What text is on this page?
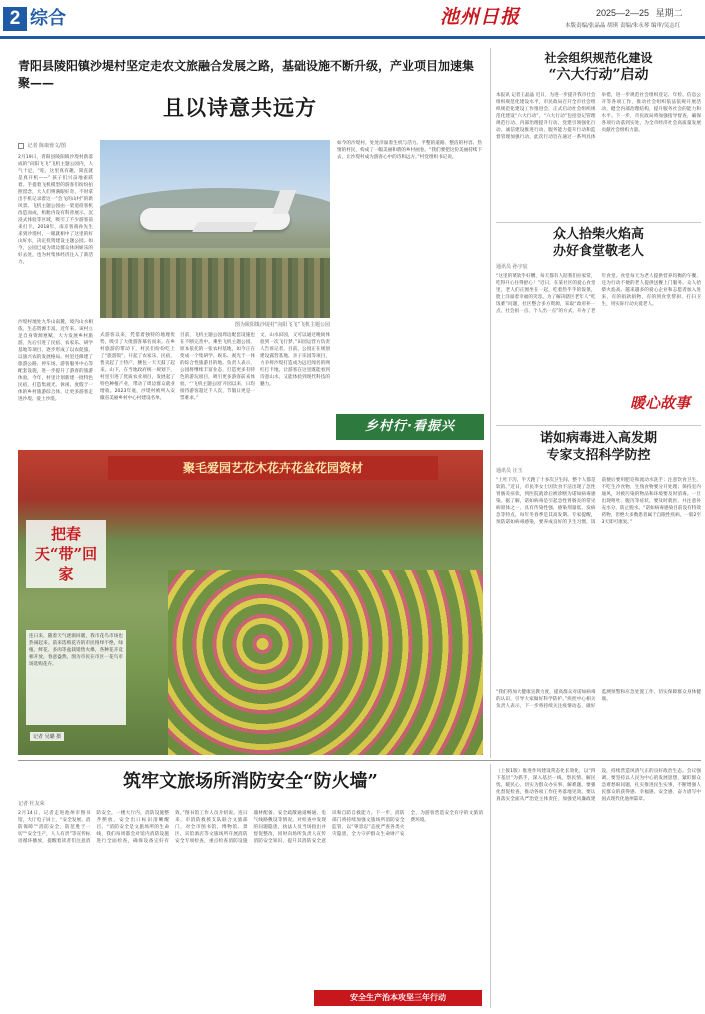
2 综合	池州日报	2025—2—25 星期二
本版责编/张晶晶 胡琪 责编/朱永琴 编审/吴志红
青阳县陵阳镇沙堤村坚定走农文旅融合发展之路，基础设施不断升级，产业项目加速集聚——
且以诗意共远方
记者 陈康蓉文/图
2月19日，青阳县陵阳镇沙堤村新落成的“向阳飞飞”飞机主题公园内，人气十足，“哇，这里真有趣，简直就是真开机——” 孩子们兴奋地雀跃着。手提着飞机模型的游客们纷纷拍照留念，大人们则满眼好奇，不时拿出手机记录着这一“会飞的山村”的新风景。飞机主题公园由一架退役客机改造而成，机舱内设有科普展示、沉浸式体验等区域，吸引了不少游客前来打卡。2018年，南京客商孙先生来到沙堤村，一眼就相中了这里的好山好水，决定投资建设主题公园。如今，公园已成为周边群众休闲娱乐的好去处，也为村集体经济注入了新活力。
沙堤村地处九华山南麓，境内山水相依，生态资源丰富。近年来，该村立足自身资源禀赋，大力发展乡村旅游，先后引进了民宿、农家乐、研学基地等项目，逐步形成了以农促旅、以旅兴农的发展格局。村里还修建了旅游公路、停车场、游客服务中心等配套设施，进一步提升了游客的旅游体验。今年，村里计划新建一批特色民宿，打造集观光、休闲、度假于一体的乡村旅游综合体，让更多游客走进沙堤、爱上沙堤。
图为陵阳镇沙堤村“向阳飞飞”飞机主题公园
式游客以来，凭借着独特的地理优势，吸引了大批游客慕名而来。在乡村旅游的带动下，村民们纷纷吃上了“旅游饭”，开起了农家乐、民宿，售卖起了土特产，腰包一天天鼓了起来。山下，在当地政府统一规划下，村里引进了优质农业项目，发展起了特色种植产业，带动了周边群众就业增收。2023年底，沙堤村被列入安徽省美丽乡村中心村建设名单。
目前，飞机主题公园周边配套设施也在不断完善中。乘坐飞机主题公园，原本依托的一张农村基地，如今正在变成一个集研学、娱乐、观光于一体的综合性旅游目的地。负责人表示，公园将继续丰富业态，打造更多有特色的游玩项目，吸引更多游客前来体验。“‘飞机主题公园’开园以来，日均接待游客超过千人次，节假日更是一票难求。”
文，山水田园，又可以通过晚间体验到一次飞行梦。”田园运营方负责人告诉记者，目前，公园正在规划建设露营基地、亲子乐园等项目，力争将沙堤打造成为远近闻名的网红打卡地，让游客在这里既能看到诗意山水，又能体验到现代科技的魅力。
如今的沙堤村，处处洋溢着生机与活力。平整的道路、整洁的村容、热情的村民，构成了一幅美丽和谐的乡村画卷。“我们要把这份美丽持续下去，让沙堤村成为游客心中的诗和远方。”村党组织书记说。
乡村行·看振兴
聚毛爱园艺花木花卉花盆花园资材
把春天“带”回家
连日来，随着天气逐渐回暖，我市花鸟市场也热闹起来。前来选购花卉的市民络绎不绝，绿植、鲜花、多肉等盆栽销售火爆，各种花卉竞相开放，春意盎然。图为市民在市区一花鸟市场选购花卉。
记者 吴璐 摄
社会组织规范化建设
“六大行动”启动
本报讯 记者王晶晶 近日，为进一步提升我市社会组织规范化建设水平，市民政局召开全市社会组织规范化建设工作推进会，正式启动社会组织规范化建设“六大行动”。“六大行动”包括登记管理规范行动、内部治理提升行动、党建引领强化行动、诚信建设推进行动、服务能力提升行动和监督管理加强行动。此次行动旨在通过一系列具体举措，进一步规范社会组织登记、年检、信息公开等各项工作，推动社会组织依法依规开展活动，健全内部治理结构，提升服务社会的能力和水平。下一步，市民政局将加强指导督查，确保各项行动落到实处，为全市经济社会高质量发展贡献社会组织力量。
众人拾柴火焰高
办好食堂敬老人
通讯员 孙宇宸
“这里的菜软乎好嚼，每天都有人陪我们拉家常，吃得开心住得舒心！”近日，在某社区的爱心食堂里，老人们正围坐在一起，吃着热乎乎的饭菜，脸上洋溢着幸福的笑容。为了解决辖区老年人“吃饭难”问题，社区整合多方资源，采取“政府补一点、社会捐一点、个人出一点”的方式，开办了老年食堂。食堂每天为老人提供营养均衡的午餐，还为行动不便的老人提供送餐上门服务。众人拾柴火焰高。越来越多的爱心企业和志愿者加入进来，有的捐款捐物，有的到食堂帮厨、打扫卫生，用实际行动关爱老人。
暖心故事
诺如病毒进入高发期
专家支招科学防控
通讯员 汪玉
“上吐下泻，半天跑了十多次卫生间，整个人都是软的。”近日，市民李女士因饮食不洁出现了急性胃肠炎症状，到医院就诊后被诊断为诺如病毒感染。据了解，诺如病毒是引起急性胃肠炎的常见病原体之一，具有传染性强、感染剂量低、发病急等特点，每年冬春季是其高发期。专家提醒，预防诺如病毒感染，要养成良好的卫生习惯，饭前便后要用肥皂和流动水洗手；注意饮食卫生，不吃生冷食物，生熟食物要分开处理；保持室内通风，对被污染的物品和环境要及时消毒。一旦出现呕吐、腹泻等症状，要及时就医，并注意补充水分，防止脱水。“诺如病毒感染目前没有特效药物，但绝大多数患者属于自限性疾病，一般2至3天即可康复。”
“我们将加大健康宣教力度，提高群众对诺如病毒的认识，引导大家做好科学防护。”疾控中心相关负责人表示，下一步将持续关注疫情动态，做好监测预警和应急处置工作，切实保障群众身体健康。
筑牢文旅场所消防安全“防火墙”
记者 杜友荣
2月14日，记者走进池州市图书馆，大厅电子屏上，“安全发展、消防保障”“消防安全，防范胜于一切”“安全生产，人人有责”等宣传标语循环播放，提醒着读者们注意消防安全。一楼大厅内，消防设施整齐摆放，安全出口标识清晰醒目。“消防安全是文旅场所的生命线，我们每周都会对馆内消防设施进行全面检查，确保设备完好有效。”图书馆工作人员介绍说。连日来，市消防救援支队联合文旅部门，对全市图书馆、博物馆、景区、宾馆酒店等文旅场所开展消防安全专项检查，重点检查消防设施器材配备、安全疏散通道畅通、电气线路敷设等情况。对检查中发现的问题隐患，执法人员当场指出并督促整改，同时向场所负责人宣传消防安全知识，提升其消防安全意识和自防自救能力。下一步，消防部门将持续加强文旅场所消防安全监管，以“零容忍”态度严查各类火灾隐患，全力守护群众生命财产安全，为游客营造安全有序的文旅消费环境。
（上接1版）推进作风建设常态化长效化，以“四下基层”为抓手，深入基层一线，察民情、解民忧、暖民心，切实为群众办实事、解难题。要强化督促检查，推动各项工作任务落地见效。要认真落实全面从严治党主体责任，加强党风廉政建设，持续营造风清气正的良好政治生态。会议强调，要坚持以人民为中心的发展思想，紧盯群众急难愁盼问题，扎实推进民生实事，不断增强人民群众的获得感、幸福感、安全感，奋力谱写中国式现代化池州篇章。
安全生产治本攻坚三年行动
